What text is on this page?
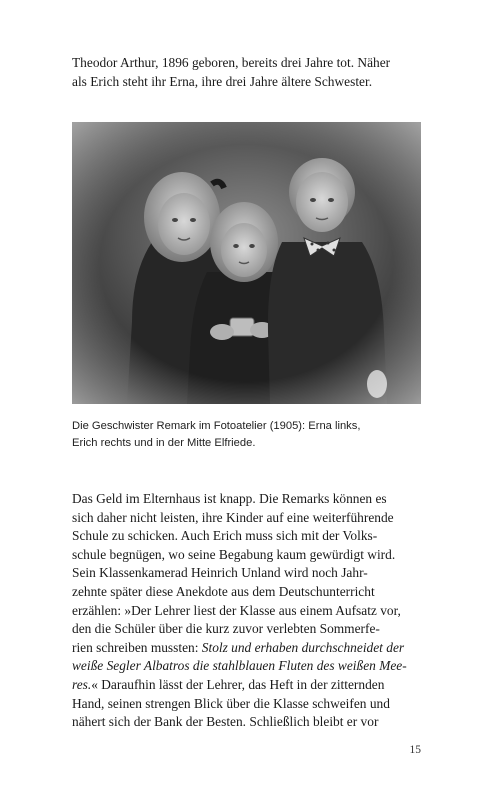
Theodor Arthur, 1896 geboren, bereits drei Jahre tot. Näher
als Erich steht ihr Erna, ihre drei Jahre ältere Schwester.

Die Geschwister Remark im Fotoatelier (1905): Erna links,
Erich rechts und in der Mitte Elfriede.

Das Geld im Elternhaus ist knapp. Die Remarks können es
sich daher nicht leisten, ihre Kinder auf eine weiterführende
Schule zu schicken. Auch Erich muss sich mit der Volks-
schule begnügen, wo seine Begabung kaum gewürdigt wird.
Sein Klassenkamerad Heinrich Unland wird noch Jahr-
zehnte später diese Anekdote aus dem Deutschunterricht
erzählen: »Der Lehrer liest der Klasse aus einem Aufsatz vor,
den die Schüler über die kurz zuvor verlebten Sommerfe-
rien schreiben mussten: Stolz und erhaben durchschneidet der
weiße Segler Albatros die stahlblauen Fluten des weißen Mee-
res.« Daraufhin lässt der Lehrer, das Heft in der zitternden
Hand, seinen strengen Blick über die Klasse schweifen und
nähert sich der Bank der Besten. Schließlich bleibt er vor

15
